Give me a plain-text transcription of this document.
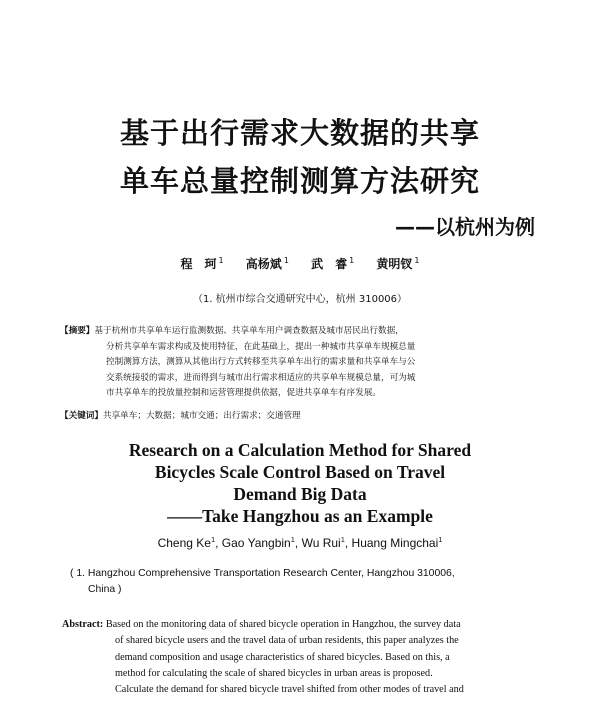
基于出行需求大数据的共享
单车总量控制测算方法研究
——以杭州为例
程　珂 $^1$ 高杨斌 $^1$ 武　睿 $^1$ 黄明钗 $^1$
（1. 杭州市综合交通研究中心，杭州 310006）
【摘要】基于杭州市共享单车运行监测数据、共享单车用户调查数据及城市居民出行数据，
分析共享单车需求构成及使用特征，在此基础上，提出一种城市共享单车规模总量
控制测算方法，测算从其他出行方式转移至共享单车出行的需求量和共享单车与公
交系统接驳的需求，进而得到与城市出行需求相适应的共享单车规模总量，可为城
市共享单车的投放量控制和运营管理提供依据，促进共享单车有序发展。
【关键词】共享单车；大数据；城市交通；出行需求；交通管理
Research on a Calculation Method for Shared
Bicycles Scale Control Based on Travel
Demand Big Data
——Take Hangzhou as an Example
Cheng Ke$^1$, Gao Yangbin$^1$, Wu Rui$^1$, Huang Mingchai$^1$
( 1. Hangzhou Comprehensive Transportation Research Center, Hangzhou 310006,
China )
Abstract: Based on the monitoring data of shared bicycle operation in Hangzhou, the survey data
of shared bicycle users and the travel data of urban residents, this paper analyzes the
demand composition and usage characteristics of shared bicycles. Based on this, a
method for calculating the scale of shared bicycles in urban areas is proposed.
Calculate the demand for shared bicycle travel shifted from other modes of travel and
